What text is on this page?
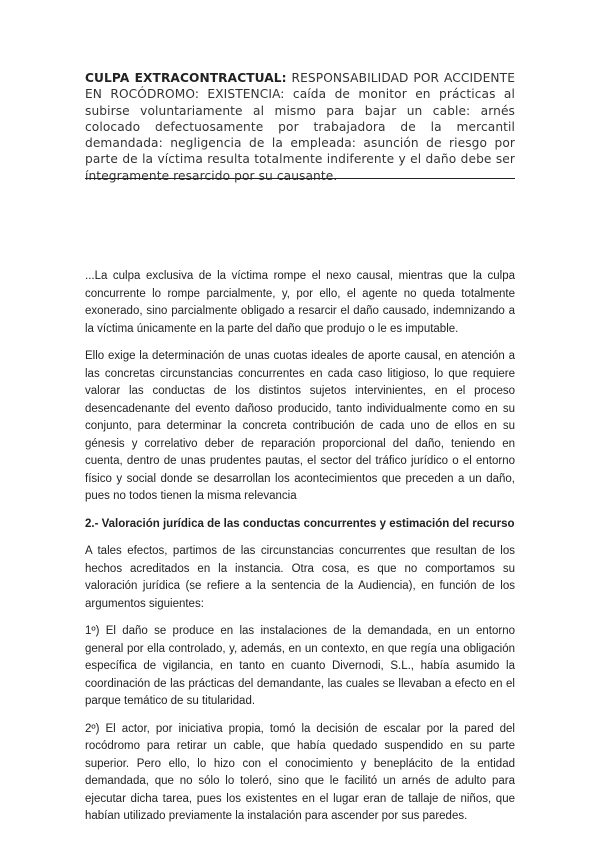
CULPA EXTRACONTRACTUAL: RESPONSABILIDAD POR ACCIDENTE EN ROCÓDROMO: EXISTENCIA: caída de monitor en prácticas al subirse voluntariamente al mismo para bajar un cable: arnés colocado defectuosamente por trabajadora de la mercantil demandada: negligencia de la empleada: asunción de riesgo por parte de la víctima resulta totalmente indiferente y el daño debe ser íntegramente resarcido por su causante.

...La culpa exclusiva de la víctima rompe el nexo causal, mientras que la culpa concurrente lo rompe parcialmente, y, por ello, el agente no queda totalmente exonerado, sino parcialmente obligado a resarcir el daño causado, indemnizando a la víctima únicamente en la parte del daño que produjo o le es imputable.

Ello exige la determinación de unas cuotas ideales de aporte causal, en atención a las concretas circunstancias concurrentes en cada caso litigioso, lo que requiere valorar las conductas de los distintos sujetos intervinientes, en el proceso desencadenante del evento dañoso producido, tanto individualmente como en su conjunto, para determinar la concreta contribución de cada uno de ellos en su génesis y correlativo deber de reparación proporcional del daño, teniendo en cuenta, dentro de unas prudentes pautas, el sector del tráfico jurídico o el entorno físico y social donde se desarrollan los acontecimientos que preceden a un daño, pues no todos tienen la misma relevancia

2.- Valoración jurídica de las conductas concurrentes y estimación del recurso

A tales efectos, partimos de las circunstancias concurrentes que resultan de los hechos acreditados en la instancia. Otra cosa, es que no comportamos su valoración jurídica (se refiere a la sentencia de la Audiencia), en función de los argumentos siguientes:

1º) El daño se produce en las instalaciones de la demandada, en un entorno general por ella controlado, y, además, en un contexto, en que regía una obligación específica de vigilancia, en tanto en cuanto Divernodi, S.L., había asumido la coordinación de las prácticas del demandante, las cuales se llevaban a efecto en el parque temático de su titularidad.

2º) El actor, por iniciativa propia, tomó la decisión de escalar por la pared del rocódromo para retirar un cable, que había quedado suspendido en su parte superior. Pero ello, lo hizo con el conocimiento y beneplácito de la entidad demandada, que no sólo lo toleró, sino que le facilitó un arnés de adulto para ejecutar dicha tarea, pues los existentes en el lugar eran de tallaje de niños, que habían utilizado previamente la instalación para ascender por sus paredes.
